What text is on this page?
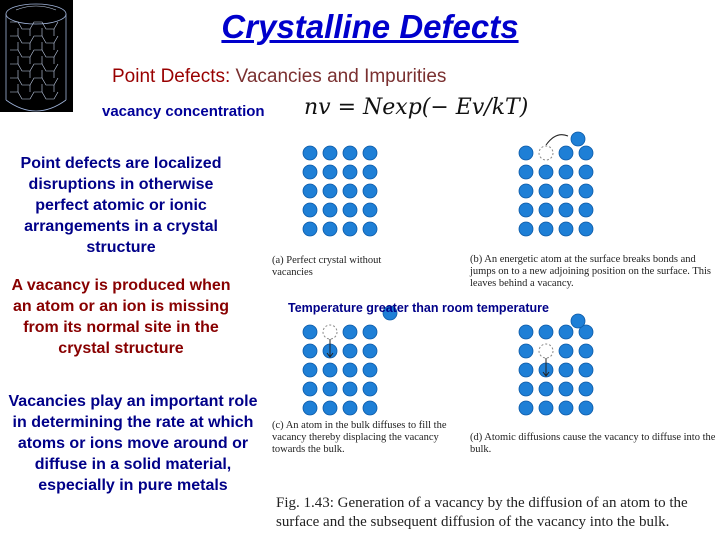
Crystalline Defects
Point Defects: Vacancies and Impurities
vacancy concentration nv = Nexp(− Ev/kT)
Point defects are localized disruptions in otherwise perfect atomic or ionic arrangements in a crystal structure
A vacancy is produced when an atom or an ion is missing from its normal site in the crystal structure
Vacancies play an important role in determining the rate at which atoms or ions move around or diffuse in a solid material, especially in pure metals
(a) Perfect crystal without vacancies
(b) An energetic atom at the surface breaks bonds and jumps on to a new adjoining position on the surface. This leaves behind a vacancy.
Temperature greater than room temperature
(c) An atom in the bulk diffuses to fill the vacancy thereby displacing the vacancy towards the bulk.
(d) Atomic diffusions cause the vacancy to diffuse into the bulk.
Fig. 1.43: Generation of a vacancy by the diffusion of an atom to the surface and the subsequent diffusion of the vacancy into the bulk.
